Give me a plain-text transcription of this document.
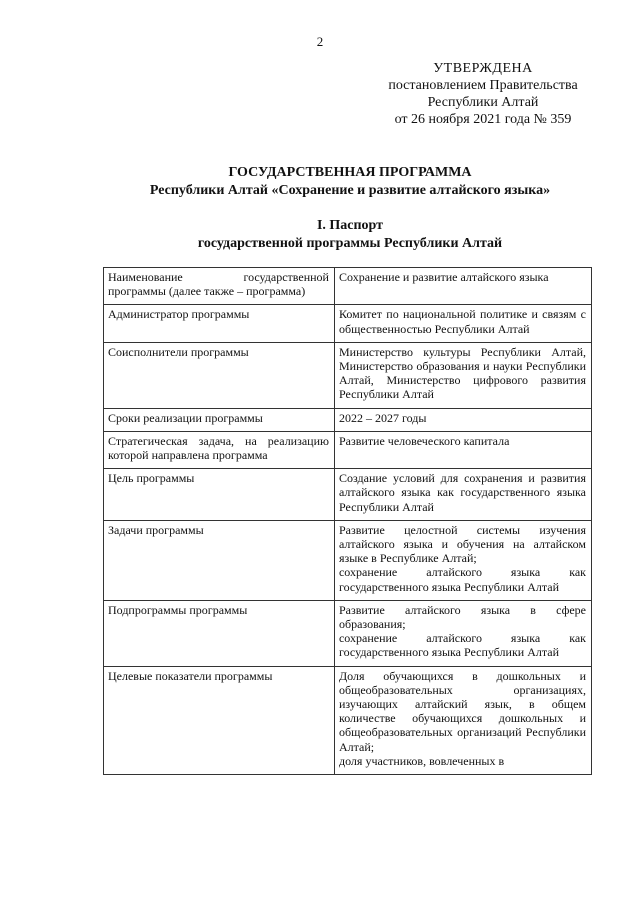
2
УТВЕРЖДЕНА
постановлением Правительства
Республики Алтай
от 26 ноября 2021 года № 359
ГОСУДАРСТВЕННАЯ ПРОГРАММА
Республики Алтай «Сохранение и развитие алтайского языка»
I. Паспорт
государственной программы Республики Алтай
Наименование государственной программы (далее также – программа)	Сохранение и развитие алтайского языка

Администратор программы	Комитет по национальной политике и связям с общественностью Республики Алтай

Соисполнители программы	Министерство культуры Республики Алтай, Министерство образования и науки Республики Алтай, Министерство цифрового развития Республики Алтай

Сроки реализации программы	2022 – 2027 годы

Стратегическая задача, на реализацию которой направлена программа	Развитие человеческого капитала

Цель программы	Создание условий для сохранения и развития алтайского языка как государственного языка Республики Алтай

Задачи программы	Развитие целостной системы изучения алтайского языка и обучения на алтайском языке в Республике Алтай;
сохранение алтайского языка как государственного языка Республики Алтай

Подпрограммы программы	Развитие алтайского языка в сфере образования;
сохранение алтайского языка как государственного языка Республики Алтай

Целевые показатели программы	Доля обучающихся в дошкольных и общеобразовательных организациях, изучающих алтайский язык, в общем количестве обучающихся дошкольных и общеобразовательных организаций Республики Алтай;
доля участников, вовлеченных в
